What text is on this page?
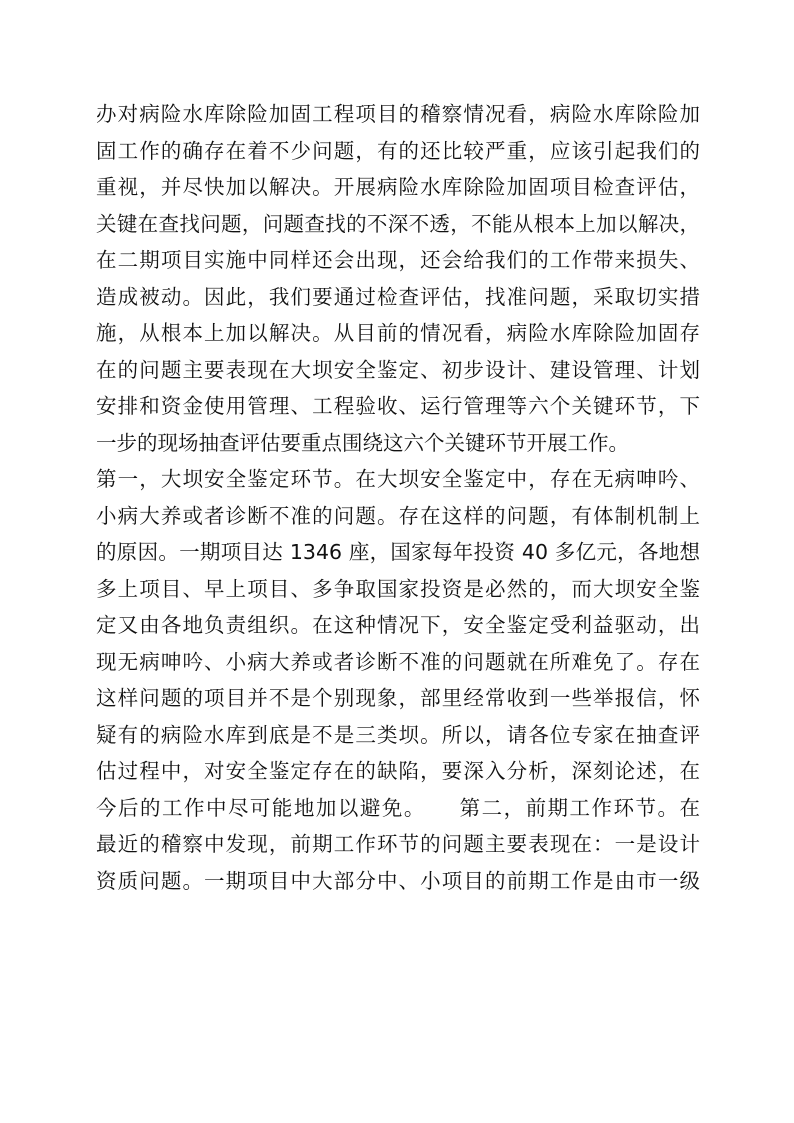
办对病险水库除险加固工程项目的稽察情况看，病险水库除险加
固工作的确存在着不少问题，有的还比较严重，应该引起我们的
重视，并尽快加以解决。开展病险水库除险加固项目检查评估，
关键在查找问题，问题查找的不深不透，不能从根本上加以解决，
在二期项目实施中同样还会出现，还会给我们的工作带来损失、
造成被动。因此，我们要通过检查评估，找准问题，采取切实措
施，从根本上加以解决。从目前的情况看，病险水库除险加固存
在的问题主要表现在大坝安全鉴定、初步设计、建设管理、计划
安排和资金使用管理、工程验收、运行管理等六个关键环节，下
一步的现场抽查评估要重点围绕这六个关键环节开展工作。
第一，大坝安全鉴定环节。在大坝安全鉴定中，存在无病呻吟、
小病大养或者诊断不准的问题。存在这样的问题，有体制机制上
的原因。一期项目达 1346 座，国家每年投资 40 多亿元，各地想
多上项目、早上项目、多争取国家投资是必然的，而大坝安全鉴
定又由各地负责组织。在这种情况下，安全鉴定受利益驱动，出
现无病呻吟、小病大养或者诊断不准的问题就在所难免了。存在
这样问题的项目并不是个别现象，部里经常收到一些举报信，怀
疑有的病险水库到底是不是三类坝。所以，请各位专家在抽查评
估过程中，对安全鉴定存在的缺陷，要深入分析，深刻论述，在
今后的工作中尽可能地加以避免。　　第二，前期工作环节。在
最近的稽察中发现，前期工作环节的问题主要表现在：一是设计
资质问题。一期项目中大部分中、小项目的前期工作是由市一级
